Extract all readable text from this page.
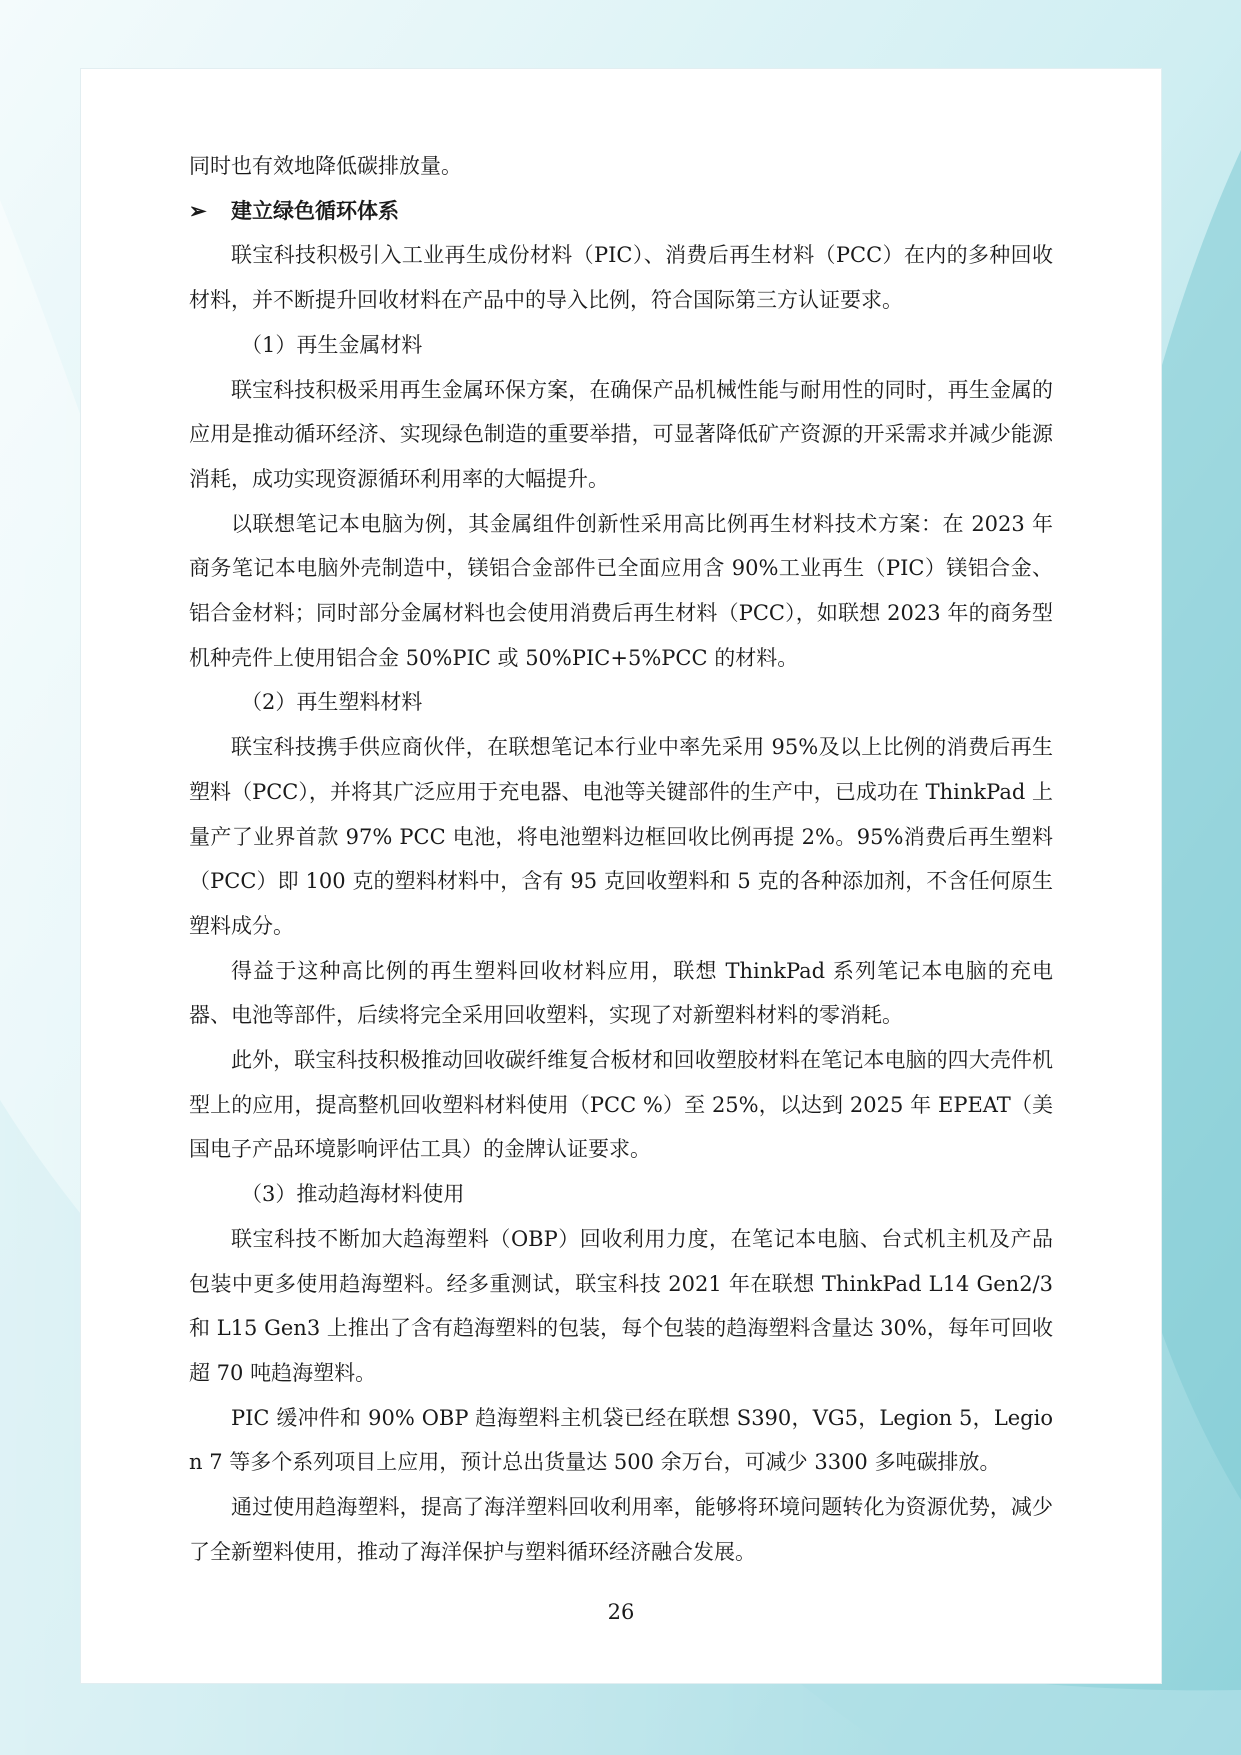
同时也有效地降低碳排放量。

➢	建立绿色循环体系

联宝科技积极引入工业再生成份材料（PIC）、消费后再生材料（PCC）在内的多种回收材料，并不断提升回收材料在产品中的导入比例，符合国际第三方认证要求。

（1）再生金属材料

联宝科技积极采用再生金属环保方案，在确保产品机械性能与耐用性的同时，再生金属的应用是推动循环经济、实现绿色制造的重要举措，可显著降低矿产资源的开采需求并减少能源消耗，成功实现资源循环利用率的大幅提升。

以联想笔记本电脑为例，其金属组件创新性采用高比例再生材料技术方案：在 2023 年商务笔记本电脑外壳制造中，镁铝合金部件已全面应用含 90%工业再生（PIC）镁铝合金、铝合金材料；同时部分金属材料也会使用消费后再生材料（PCC），如联想 2023 年的商务型机种壳件上使用铝合金 50%PIC 或 50%PIC+5%PCC 的材料。

（2）再生塑料材料

联宝科技携手供应商伙伴，在联想笔记本行业中率先采用 95%及以上比例的消费后再生塑料（PCC），并将其广泛应用于充电器、电池等关键部件的生产中，已成功在 ThinkPad 上量产了业界首款 97% PCC 电池，将电池塑料边框回收比例再提 2%。95%消费后再生塑料（PCC）即 100 克的塑料材料中，含有 95 克回收塑料和 5 克的各种添加剂，不含任何原生塑料成分。

得益于这种高比例的再生塑料回收材料应用，联想 ThinkPad 系列笔记本电脑的充电器、电池等部件，后续将完全采用回收塑料，实现了对新塑料材料的零消耗。

此外，联宝科技积极推动回收碳纤维复合板材和回收塑胶材料在笔记本电脑的四大壳件机型上的应用，提高整机回收塑料材料使用（PCC %）至 25%，以达到 2025 年 EPEAT（美国电子产品环境影响评估工具）的金牌认证要求。

（3）推动趋海材料使用

联宝科技不断加大趋海塑料（OBP）回收利用力度，在笔记本电脑、台式机主机及产品包装中更多使用趋海塑料。经多重测试，联宝科技 2021 年在联想 ThinkPad L14 Gen2/3 和 L15 Gen3 上推出了含有趋海塑料的包装，每个包装的趋海塑料含量达 30%，每年可回收超 70 吨趋海塑料。

PIC 缓冲件和 90% OBP 趋海塑料主机袋已经在联想 S390，VG5，Legion 5，Legion 7 等多个系列项目上应用，预计总出货量达 500 余万台，可减少 3300 多吨碳排放。

通过使用趋海塑料，提高了海洋塑料回收利用率，能够将环境问题转化为资源优势，减少了全新塑料使用，推动了海洋保护与塑料循环经济融合发展。

26
